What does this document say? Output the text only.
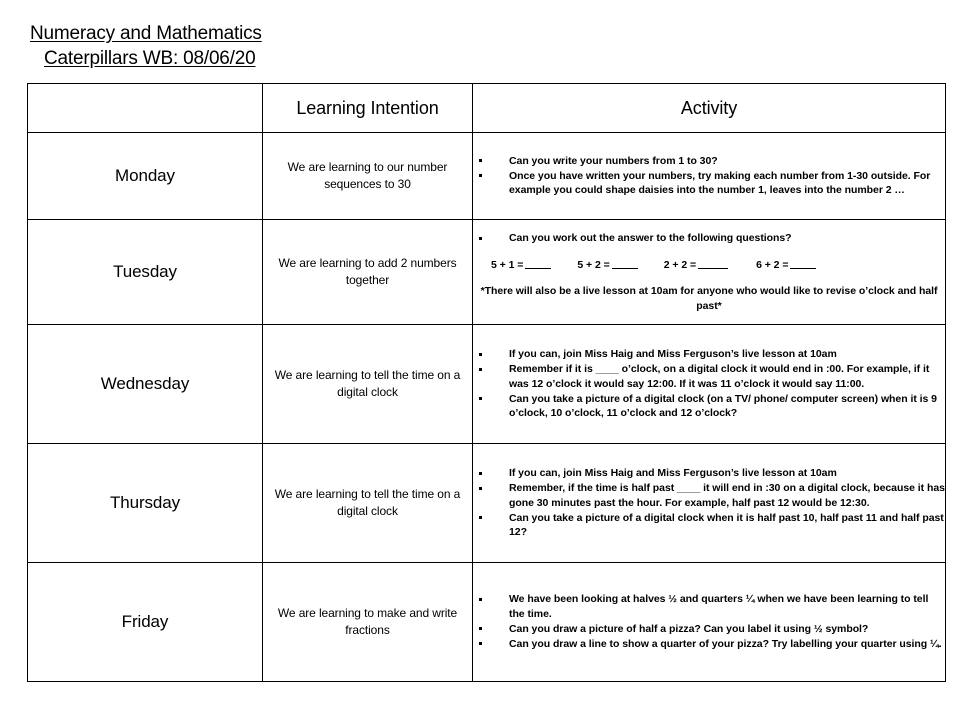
Numeracy and Mathematics
Caterpillars WB: 08/06/20
	Learning Intention	Activity
Monday	We are learning to our number sequences to 30	
Can you write your numbers from 1 to 30?
Once you have written your numbers, try making each number from 1-30 outside. For example you could shape daisies into the number 1, leaves into the number 2 …

Tuesday	We are learning to add 2 numbers together	
Can you work out the answer to the following questions?
5 + 1 =	5 + 2 =	2 + 2 =	6 + 2 =
*There will also be a live lesson at 10am for anyone who would like to revise o’clock and half past*

Wednesday	We are learning to tell the time on a digital clock	
If you can, join Miss Haig and Miss Ferguson’s live lesson at 10am
Remember if it is ____ o’clock, on a digital clock it would end in :00. For example, if it was 12 o’clock it would say 12:00. If it was 11 o’clock it would say 11:00.
Can you take a picture of a digital clock (on a TV/ phone/ computer screen) when it is 9 o’clock, 10 o’clock, 11 o’clock and 12 o’clock?

Thursday	We are learning to tell the time on a digital clock	
If you can, join Miss Haig and Miss Ferguson’s live lesson at 10am
Remember, if the time is half past ____ it will end in :30 on a digital clock, because it has gone 30 minutes past the hour. For example, half past 12 would be 12:30.
Can you take a picture of a digital clock when it is half past 10, half past 11 and half past 12?

Friday	We are learning to make and write fractions	
We have been looking at halves ½ and quarters ¼ when we have been learning to tell the time.
Can you draw a picture of half a pizza? Can you label it using ½ symbol?
Can you draw a line to show a quarter of your pizza? Try labelling your quarter using ¼.
